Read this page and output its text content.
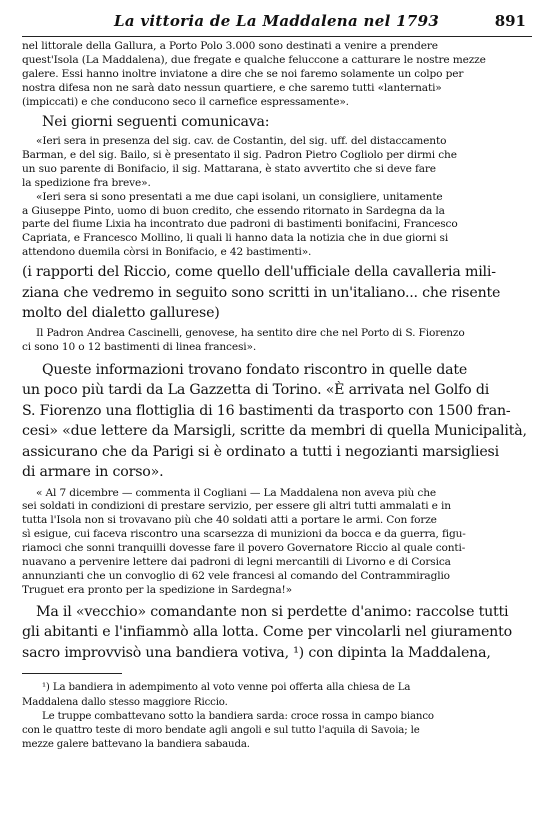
La vittoria de La Maddalena nel 1793	891
nel littorale della Gallura, a Porto Polo 3.000 sono destinati a venire a prendere
quest'Isola (La Maddalena), due fregate e qualche feluccone a catturare le nostre mezze
galere. Essi hanno inoltre inviatone a dire che se noi faremo solamente un colpo per
nostra difesa non ne sarà dato nessun quartiere, e che saremo tutti «lanternati»
(impiccati) e che conducono seco il carnefice espressamente».
Nei giorni seguenti comunicava:
«Ieri sera in presenza del sig. cav. de Costantin, del sig. uff. del distaccamento
Barman, e del sig. Bailo, si è presentato il sig. Padron Pietro Cogliolo per dirmi che
un suo parente di Bonifacio, il sig. Mattarana, è stato avvertito che si deve fare
la spedizione fra breve».
«Ieri sera si sono presentati a me due capi isolani, un consigliere, unitamente
a Giuseppe Pinto, uomo di buon credito, che essendo ritornato in Sardegna da la
parte del fiume Lixia ha incontrato due padroni di bastimenti bonifacini, Francesco
Capriata, e Francesco Mollino, li quali li hanno data la notizia che in due giorni si
attendono duemila còrsi in Bonifacio, e 42 bastimenti».
(i rapporti del Riccio, come quello dell'ufficiale della cavalleria mili-
ziana che vedremo in seguito sono scritti in un'italiano... che risente
molto del dialetto gallurese)
Il Padron Andrea Cascinelli, genovese, ha sentito dire che nel Porto di S. Fiorenzo
ci sono 10 o 12 bastimenti di linea francesi».
Queste informazioni trovano fondato riscontro in quelle date
un poco più tardi da La Gazzetta di Torino. «È arrivata nel Golfo di
S. Fiorenzo una flottiglia di 16 bastimenti da trasporto con 1500 fran-
cesi» «due lettere da Marsigli, scritte da membri di quella Municipalità,
assicurano che da Parigi si è ordinato a tutti i negozianti marsigliesi
di armare in corso».
« Al 7 dicembre — commenta il Cogliani — La Maddalena non aveva più che
sei soldati in condizioni di prestare servizio, per essere gli altri tutti ammalati e in
tutta l'Isola non si trovavano più che 40 soldati atti a portare le armi. Con forze
sì esigue, cui faceva riscontro una scarsezza di munizioni da bocca e da guerra, figu-
riamoci che sonni tranquilli dovesse fare il povero Governatore Riccio al quale conti-
nuavano a pervenire lettere dai padroni di legni mercantili di Livorno e di Corsica
annunzianti che un convoglio di 62 vele francesi al comando del Contrammiraglio
Truguet era pronto per la spedizione in Sardegna!»
Ma il «vecchio» comandante non si perdette d'animo: raccolse tutti
gli abitanti e l'infiammò alla lotta. Come per vincolarli nel giuramento
sacro improvvisò una bandiera votiva, ¹) con dipinta la Maddalena,
¹) La bandiera in adempimento al voto venne poi offerta alla chiesa de La
Maddalena dallo stesso maggiore Riccio.
Le truppe combattevano sotto la bandiera sarda: croce rossa in campo bianco
con le quattro teste di moro bendate agli angoli e sul tutto l'aquila di Savoia; le
mezze galere battevano la bandiera sabauda.
